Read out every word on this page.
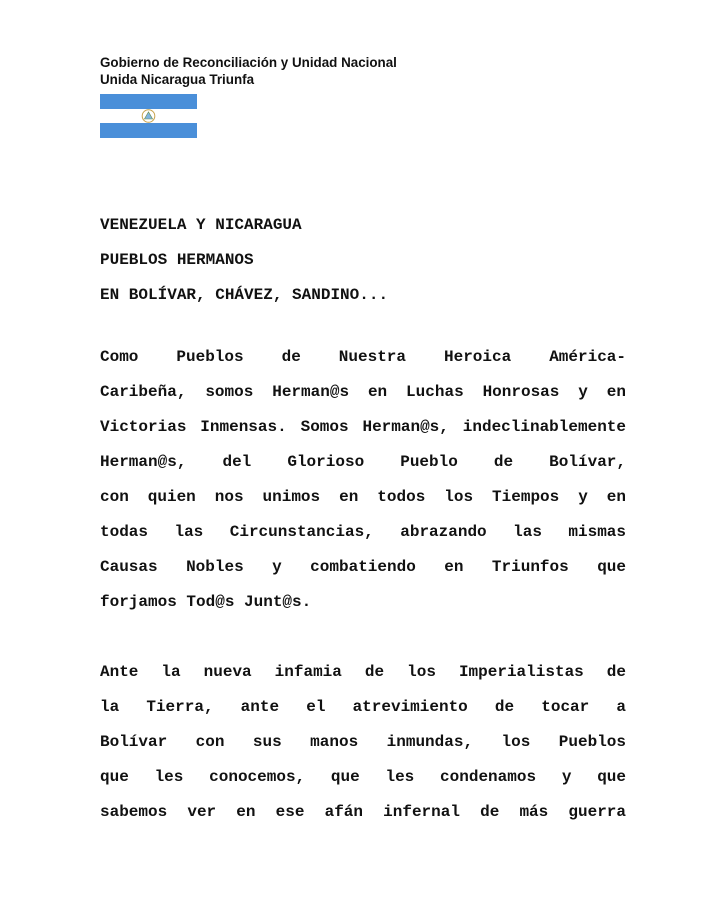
Gobierno de Reconciliación y Unidad Nacional
Unida Nicaragua Triunfa
VENEZUELA Y NICARAGUA
PUEBLOS HERMANOS
EN BOLÍVAR, CHÁVEZ, SANDINO...
Como Pueblos de Nuestra Heroica América-
Caribeña, somos Herman@s en Luchas Honrosas y en
Victorias Inmensas. Somos Herman@s, indeclinablemente
Herman@s, del Glorioso Pueblo de Bolívar,
con quien nos unimos en todos los Tiempos y en
todas las Circunstancias, abrazando las mismas
Causas Nobles y combatiendo en Triunfos que
forjamos Tod@s Junt@s.
Ante la nueva infamia de los Imperialistas de
la Tierra, ante el atrevimiento de tocar a
Bolívar con sus manos inmundas, los Pueblos
que les conocemos, que les condenamos y que
sabemos ver en ese afán infernal de más guerra
